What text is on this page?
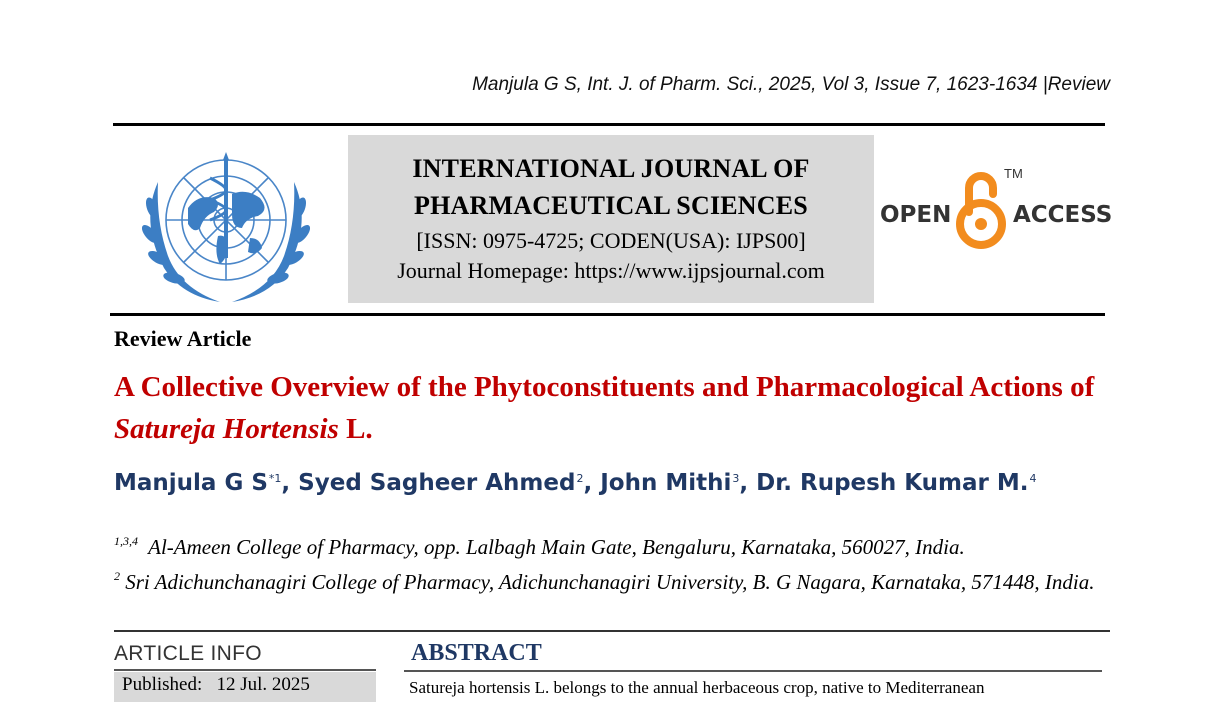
Manjula G S, Int. J. of Pharm. Sci., 2025, Vol 3, Issue 7, 1623-1634 |Review
INTERNATIONAL JOURNAL OF
PHARMACEUTICAL SCIENCES
[ISSN: 0975-4725; CODEN(USA): IJPS00]
Journal Homepage: https://www.ijpsjournal.com
OPEN
TM
ACCESS
Review Article
A Collective Overview of the Phytoconstituents and Pharmacological Actions of Satureja Hortensis L.
Manjula G $S^{*1}$, Syed Sagheer Ahmed$^2$, John Mithi$^3$, Dr. Rupesh Kumar M.$^4$
$^{1,3,4}$ Al-Ameen College of Pharmacy, opp. Lalbagh Main Gate, Bengaluru, Karnataka, 560027, India.
$^2$ Sri Adichunchanagiri College of Pharmacy, Adichunchanagiri University, B. G Nagara, Karnataka, 571448, India.
ARTICLE INFO
Published: 12 Jul. 2025
ABSTRACT
Satureja hortensis L. belongs to the annual herbaceous crop, native to Mediterranean
